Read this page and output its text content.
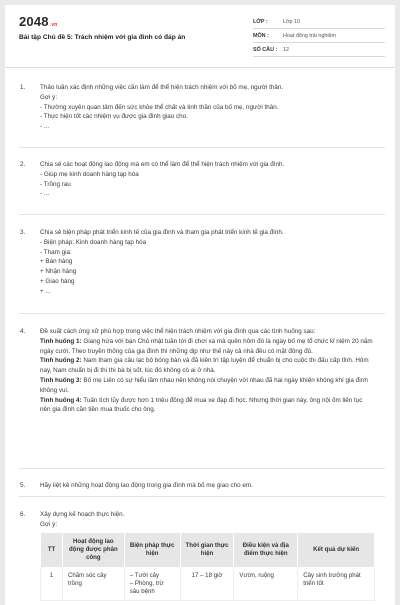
2048.vn
Bài tập Chủ đề 5: Trách nhiệm với gia đình có đáp án
LỚP :	Lớp 10
MÔN :	Hoạt động trải nghiệm
SỐ CÂU :	12
1. Thảo luận xác định những việc cần làm để thể hiện trách nhiệm với bố mẹ, người thân.

Gợi ý:

- Thường xuyên quan tâm đến sức khỏe thể chất và tinh thần của bố mẹ, người thân.

- Thực hiện tốt các nhiệm vụ được gia đình giao cho.

- ...

2. Chia sẻ các hoạt động lao động mà em có thể làm để thể hiện trách nhiệm với gia đình.

- Giúp mẹ kinh doanh hàng tạp hóa

- Trồng rau

- ...

3. Chia sẻ biện pháp phát triển kinh tế của gia đình và tham gia phát triển kinh tế gia đình.

- Biện pháp: Kinh doanh hàng tạp hóa

- Tham gia:

+ Bán hàng

+ Nhận hàng

+ Giao hàng

+ ...

4. Đề xuất cách ứng xử phù hợp trong việc thể hiện trách nhiệm với gia đình qua các tình huống sau:

Tình huống 1: Giang hứa với bạn Chủ nhật tuần tới đi chơi xa mà quên hôm đó là ngày bố mẹ tổ chức kỉ niệm 20 năm ngày cưới. Theo truyền thống của gia đình thì những dịp như thế này cả nhà đều có mặt đông đủ.

Tình huống 2: Nam tham gia câu lạc bộ bóng bàn và đã kiên trì tập luyện để chuẩn bị cho cuộc thi đấu cấp tỉnh. Hôm nay, Nam chuẩn bị đi thi thì bà bị sốt, lúc đó không có ai ở nhà.

Tình huống 3: Bố mẹ Liên có sự hiểu lầm nhau nên không nói chuyện với nhau đã hai ngày khiến không khí gia đình không vui.

Tình huống 4: Tuấn tích lũy được hơn 1 triệu đồng để mua xe đạp đi học. Nhưng thời gian này, ông nội ốm liên tục nên gia đình cần tiền mua thuốc cho ông.

5. Hãy liệt kê những hoạt động lao động trong gia đình mà bố mẹ giao cho em.

6. Xây dựng kế hoạch thực hiện.

Gợi ý:

TT	Hoạt động lao động được phân công	Biện pháp thực hiện	Thời gian thực hiện	Điều kiện và địa điểm thực hiện	Kết quả dự kiến
1	Chăm sóc cây trồng	– Tưới cây
– Phòng, trừ sâu bệnh	17 – 18 giờ	Vườn, ruộng	Cây sinh trưởng phát triển tốt
